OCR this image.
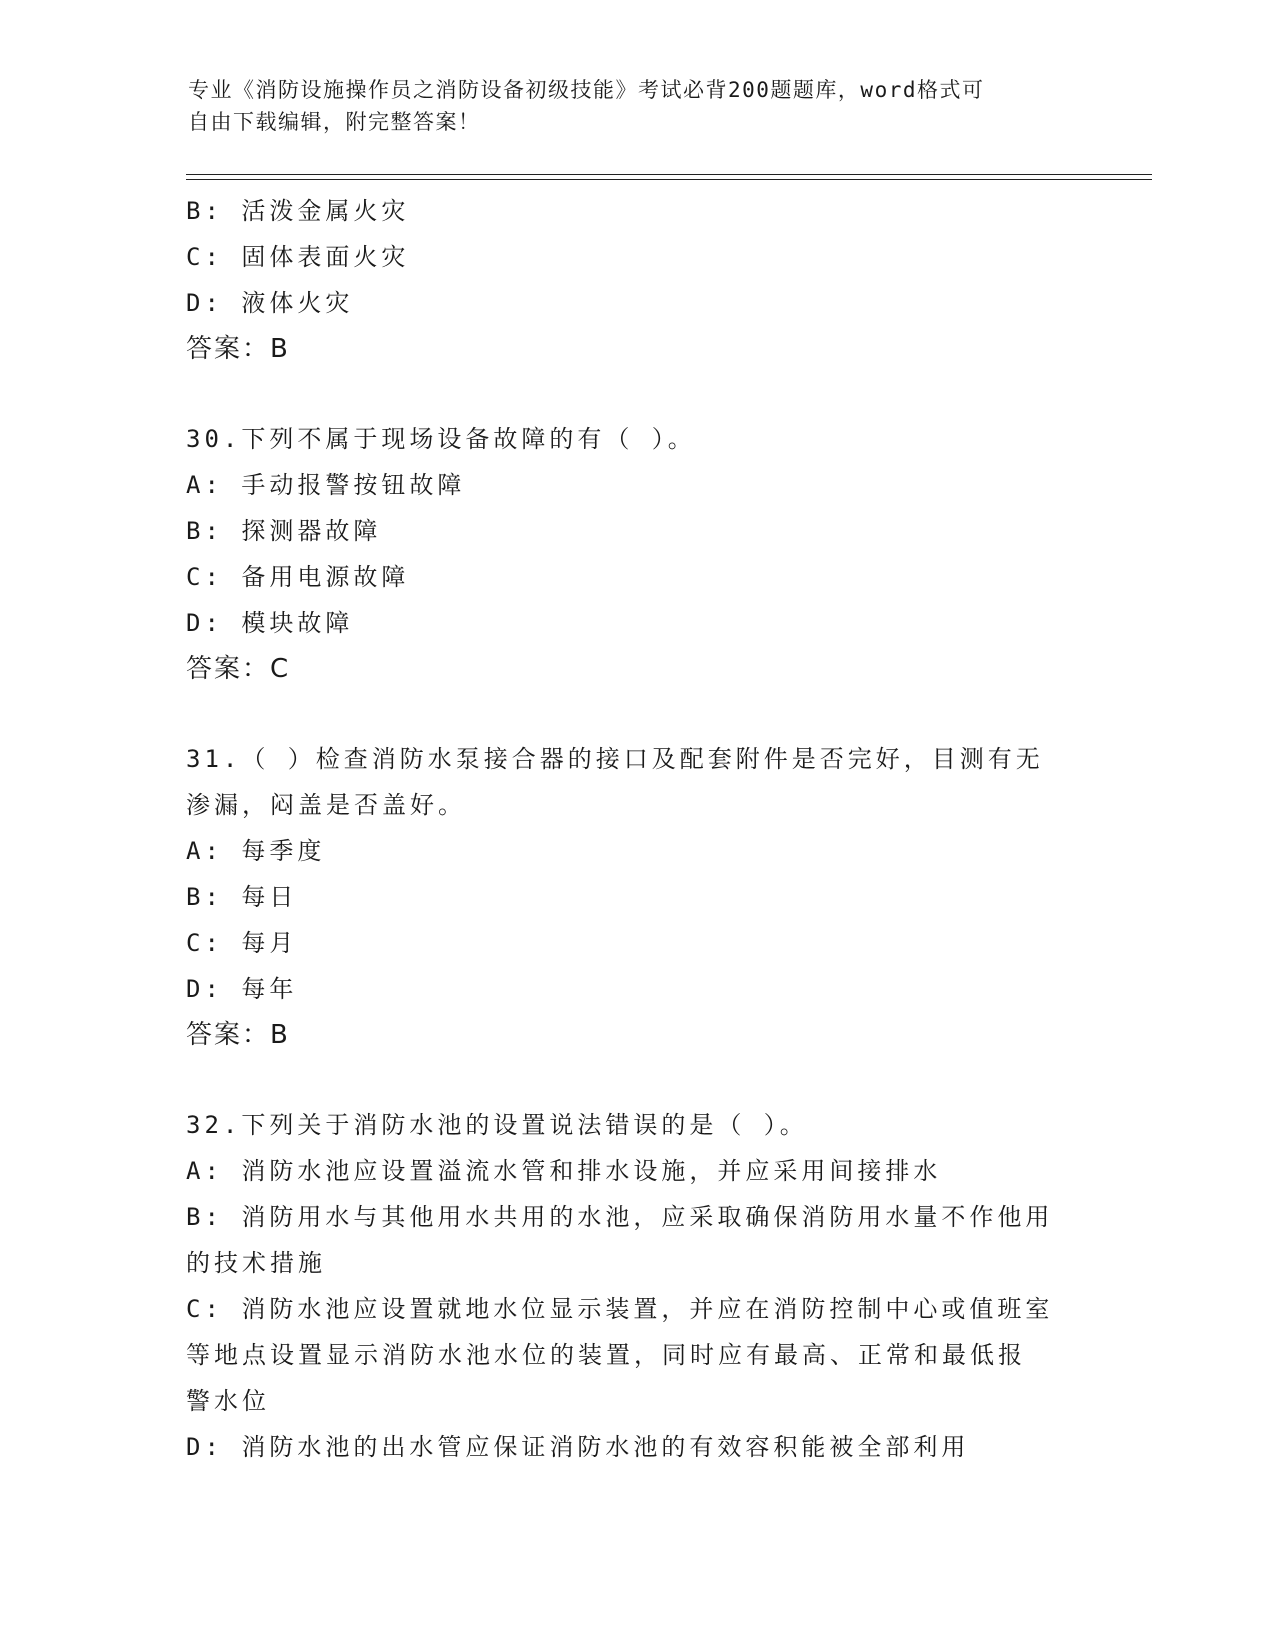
专业《消防设施操作员之消防设备初级技能》考试必背200题题库，word格式可
自由下载编辑，附完整答案！
B: 活泼金属火灾
C: 固体表面火灾
D: 液体火灾
答案：B
30.下列不属于现场设备故障的有（ ）。
A: 手动报警按钮故障
B: 探测器故障
C: 备用电源故障
D: 模块故障
答案：C
31.（ ）检查消防水泵接合器的接口及配套附件是否完好，目测有无
渗漏，闷盖是否盖好。
A: 每季度
B: 每日
C: 每月
D: 每年
答案：B
32.下列关于消防水池的设置说法错误的是（ ）。
A: 消防水池应设置溢流水管和排水设施，并应采用间接排水
B: 消防用水与其他用水共用的水池，应采取确保消防用水量不作他用
的技术措施
C: 消防水池应设置就地水位显示装置，并应在消防控制中心或值班室
等地点设置显示消防水池水位的装置，同时应有最高、正常和最低报
警水位
D: 消防水池的出水管应保证消防水池的有效容积能被全部利用
